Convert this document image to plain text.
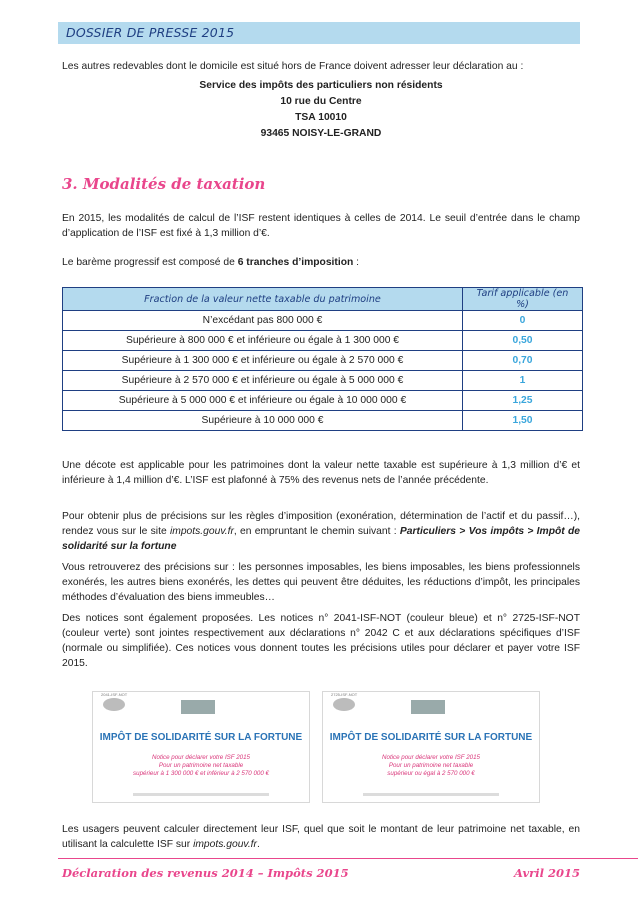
DOSSIER DE PRESSE 2015
Les autres redevables dont le domicile est situé hors de France doivent adresser leur déclaration au :
Service des impôts des particuliers non résidents
10 rue du Centre
TSA 10010
93465 NOISY-LE-GRAND
3. Modalités de taxation
En 2015, les modalités de calcul de l’ISF restent identiques à celles de 2014. Le seuil d’entrée dans le champ d’application de l’ISF est fixé à 1,3 million d’€.
Le barème progressif est composé de 6 tranches d’imposition :
Fraction de la valeur nette taxable du patrimoine	Tarif applicable (en %)
N’excédant pas 800 000 €	0
Supérieure à 800 000 € et inférieure ou égale à 1 300 000 €	0,50
Supérieure à 1 300 000 € et inférieure ou égale à 2 570 000 €	0,70
Supérieure à 2 570 000 € et inférieure ou égale à 5 000 000 €	1
Supérieure à 5 000 000 € et inférieure ou égale à 10 000 000 €	1,25
Supérieure à 10 000 000 €	1,50
Une décote est applicable pour les patrimoines dont la valeur nette taxable est supérieure à 1,3 million d’€ et inférieure à 1,4 million d’€. L’ISF est plafonné à 75% des revenus nets de l’année précédente.
Pour obtenir plus de précisions sur les règles d’imposition (exonération, détermination de l’actif et du passif…), rendez vous sur le site impots.gouv.fr, en empruntant le chemin suivant : Particuliers > Vos impôts > Impôt de solidarité sur la fortune
Vous retrouverez des précisions sur : les personnes imposables, les biens imposables, les biens professionnels exonérés, les autres biens exonérés, les dettes qui peuvent être déduites, les réductions d’impôt, les principales méthodes d’évaluation des biens immeubles…
Des notices sont également proposées. Les notices n° 2041-ISF-NOT (couleur bleue) et n° 2725-ISF-NOT (couleur verte) sont jointes respectivement aux déclarations n° 2042 C et aux déclarations spécifiques d’ISF (normale ou simplifiée). Ces notices vous donnent toutes les précisions utiles pour déclarer et payer votre ISF 2015.
2041-ISF-NOT
IMPÔT DE SOLIDARITÉ SUR LA FORTUNE
Notice pour déclarer votre ISF 2015
Pour un patrimoine net taxable
supérieur à 1 300 000 € et inférieur à 2 570 000 €
2725-ISF-NOT
IMPÔT DE SOLIDARITÉ SUR LA FORTUNE
Notice pour déclarer votre ISF 2015
Pour un patrimoine net taxable
supérieur ou égal à 2 570 000 €
Les usagers peuvent calculer directement leur ISF, quel que soit le montant de leur patrimoine net taxable, en utilisant la calculette ISF sur impots.gouv.fr.
Déclaration des revenus 2014 – Impôts 2015	Avril 2015
